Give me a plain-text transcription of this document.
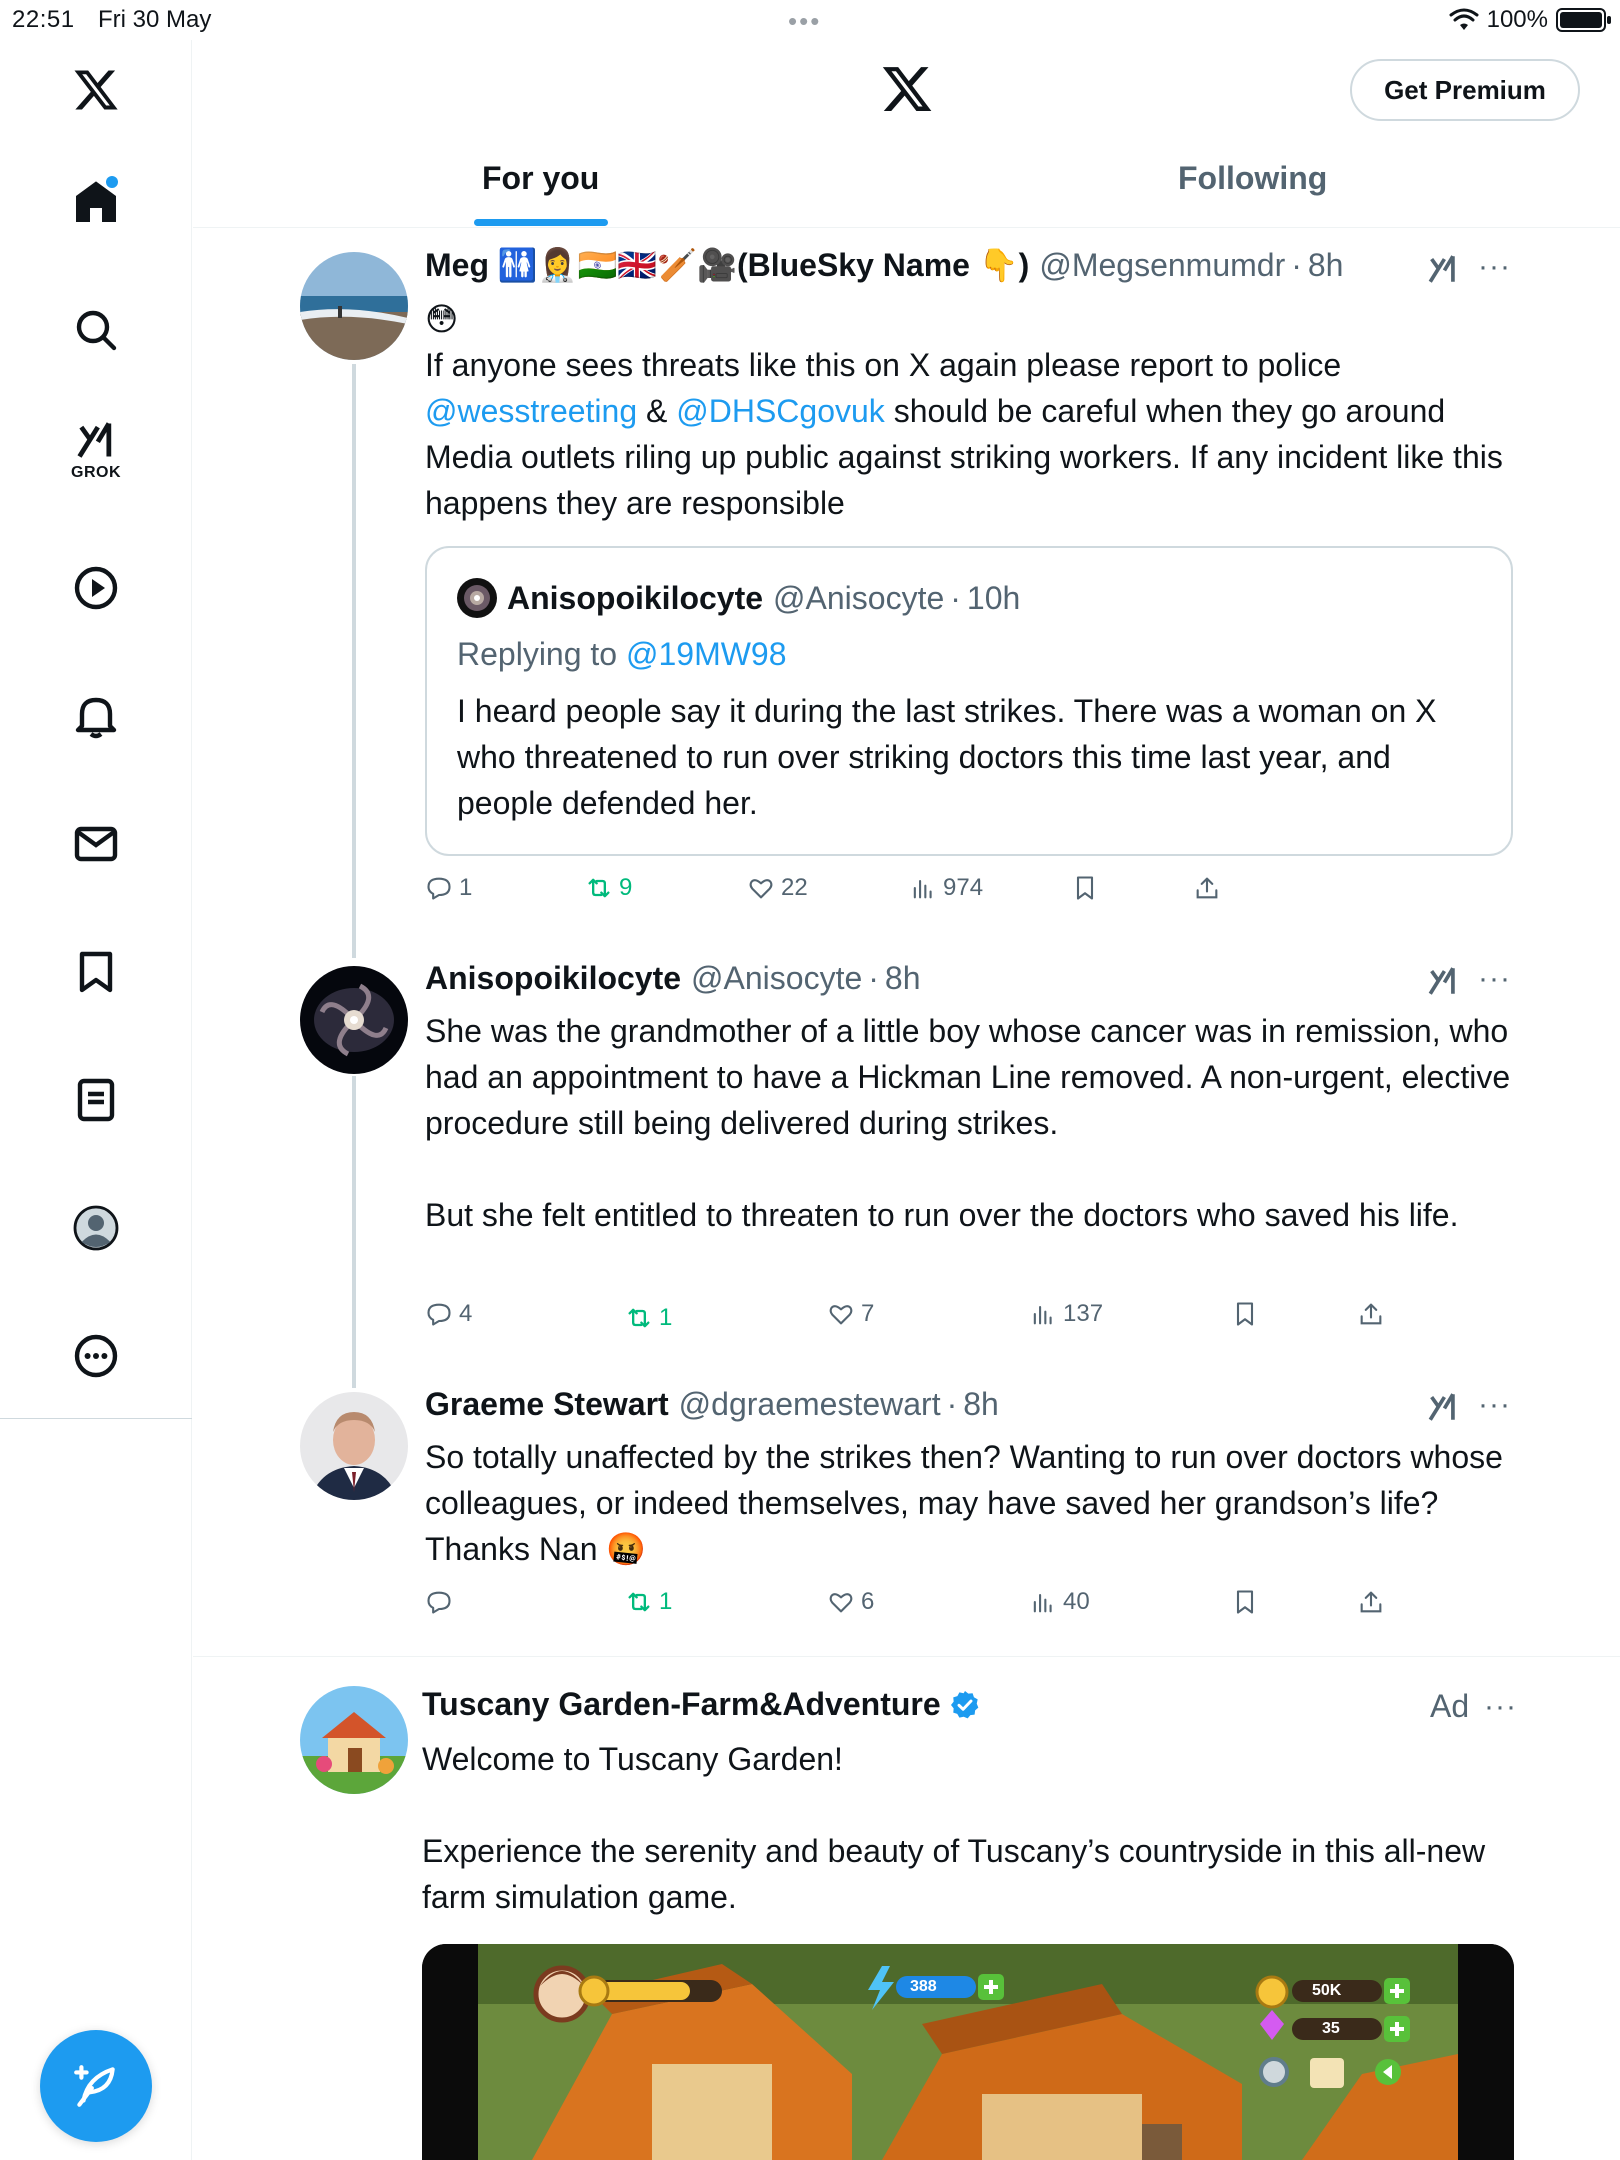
22:51 Fri 30 May	•••	100%
GROK
Get Premium
For you	Following
Meg 🚻👩‍⚕️🇮🇳🇬🇧🏏🎥(BlueSky Name 👇) @Megsenmumdr · 8h	···
😳
If anyone sees threats like this on X again please report to police
@wesstreeting & @DHSCgovuk should be careful when they go around Media outlets riling up public against striking workers. If any incident like this happens they are responsible
Anisopoikilocyte @Anisocyte · 10h
Replying to @19MW98
I heard people say it during the last strikes. There was a woman on X who threatened to run over striking doctors this time last year, and people defended her.
1	9	22	974
Anisopoikilocyte @Anisocyte · 8h	···
She was the grandmother of a little boy whose cancer was in remission, who had an appointment to have a Hickman Line removed. A non-urgent, elective procedure still being delivered during strikes.
But she felt entitled to threaten to run over the doctors who saved his life.
4	1	7	137
Graeme Stewart @dgraemestewart · 8h	···
So totally unaffected by the strikes then? Wanting to run over doctors whose colleagues, or indeed themselves, may have saved her grandson’s life? Thanks Nan 🤬
1	6	40
Tuscany Garden-Farm&Adventure	Ad ···
Welcome to Tuscany Garden!
Experience the serenity and beauty of Tuscany’s countryside in this all-new farm simulation game.
388	50K
35
